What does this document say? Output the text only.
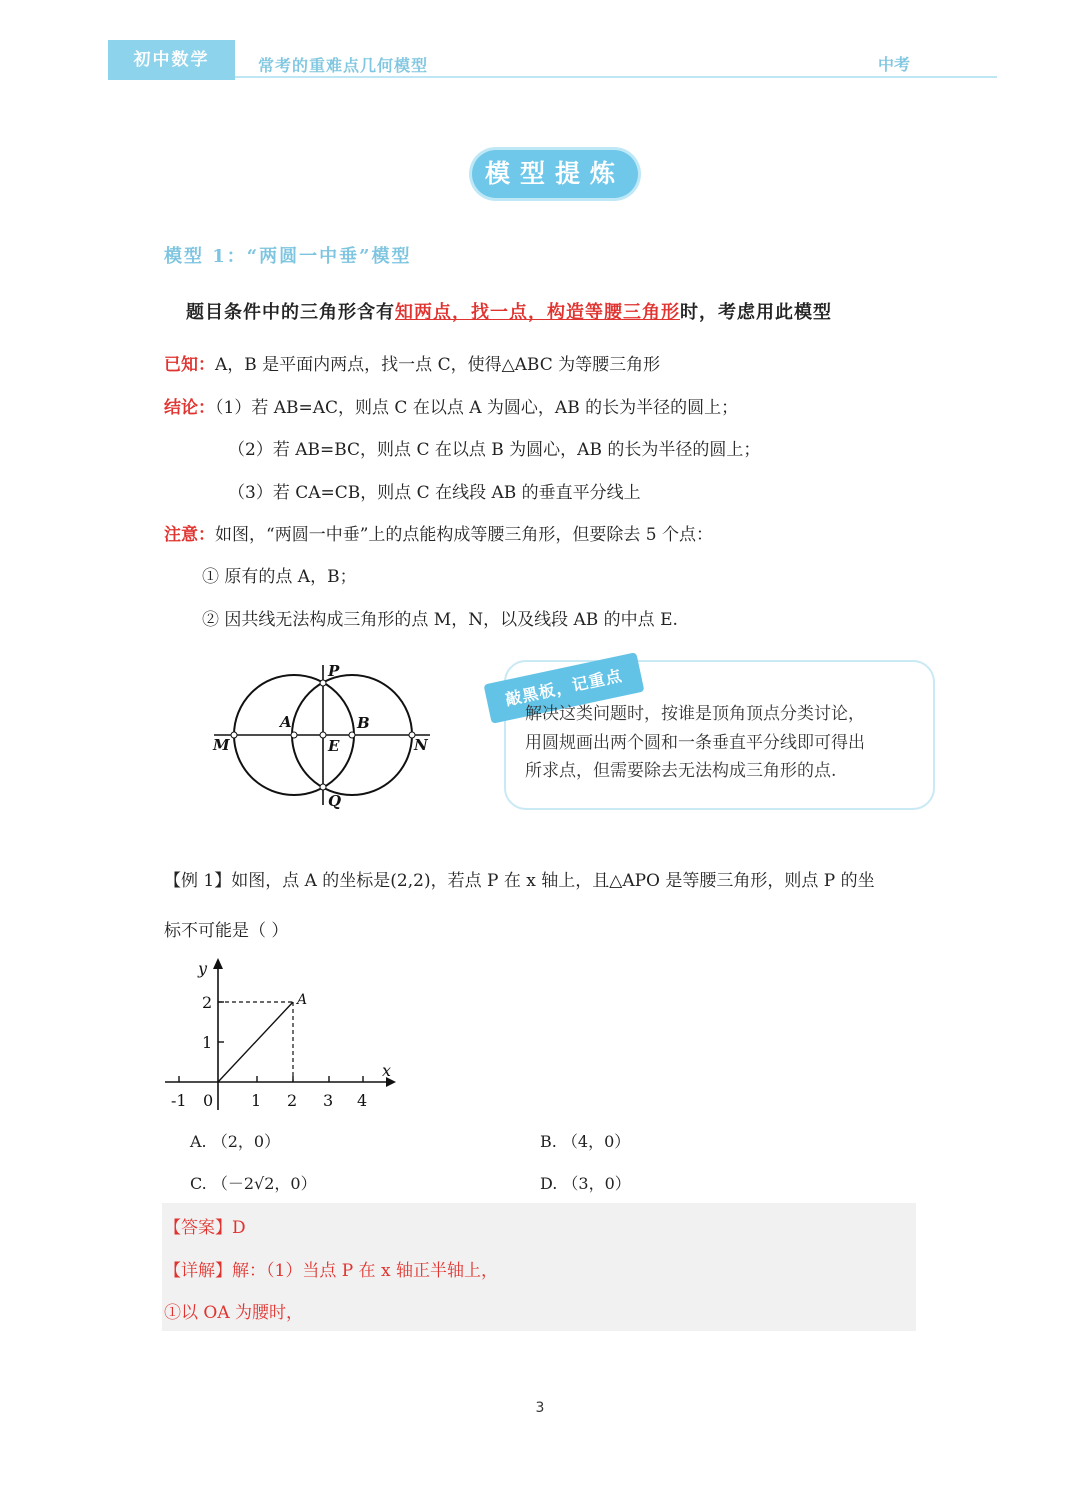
初中数学	常考的重难点几何模型	中考
模型提炼
模型 1：“两圆一中垂”模型
题目条件中的三角形含有知两点，找一点，构造等腰三角形时，考虑用此模型
已知：A，B 是平面内两点，找一点 C，使得△ABC 为等腰三角形
结论：（1）若 AB=AC，则点 C 在以点 A 为圆心，AB 的长为半径的圆上；
（2）若 AB=BC，则点 C 在以点 B 为圆心，AB 的长为半径的圆上；
（3）若 CA=CB，则点 C 在线段 AB 的垂直平分线上
注意：如图，“两圆一中垂”上的点能构成等腰三角形，但要除去 5 个点：
① 原有的点 A，B；
② 因共线无法构成三角形的点 M，N，以及线段 AB 的中点 E.
P
A	B
M	E	N
Q
敲黑板，记重点
解决这类问题时，按谁是顶角顶点分类讨论，
用圆规画出两个圆和一条垂直平分线即可得出
所求点，但需要除去无法构成三角形的点.
【例 1】如图，点 A 的坐标是(2,2)，若点 P 在 x 轴上，且△APO 是等腰三角形，则点 P 的坐
标不可能是（ ）
y
x
A
-1 0 1 2 3 4
1
2
A. （2，0）	B. （4，0）
C. （－2√2，0）	D. （3，0）
【答案】D
【详解】解：（1）当点 P 在 x 轴正半轴上，
①以 OA 为腰时，
3
